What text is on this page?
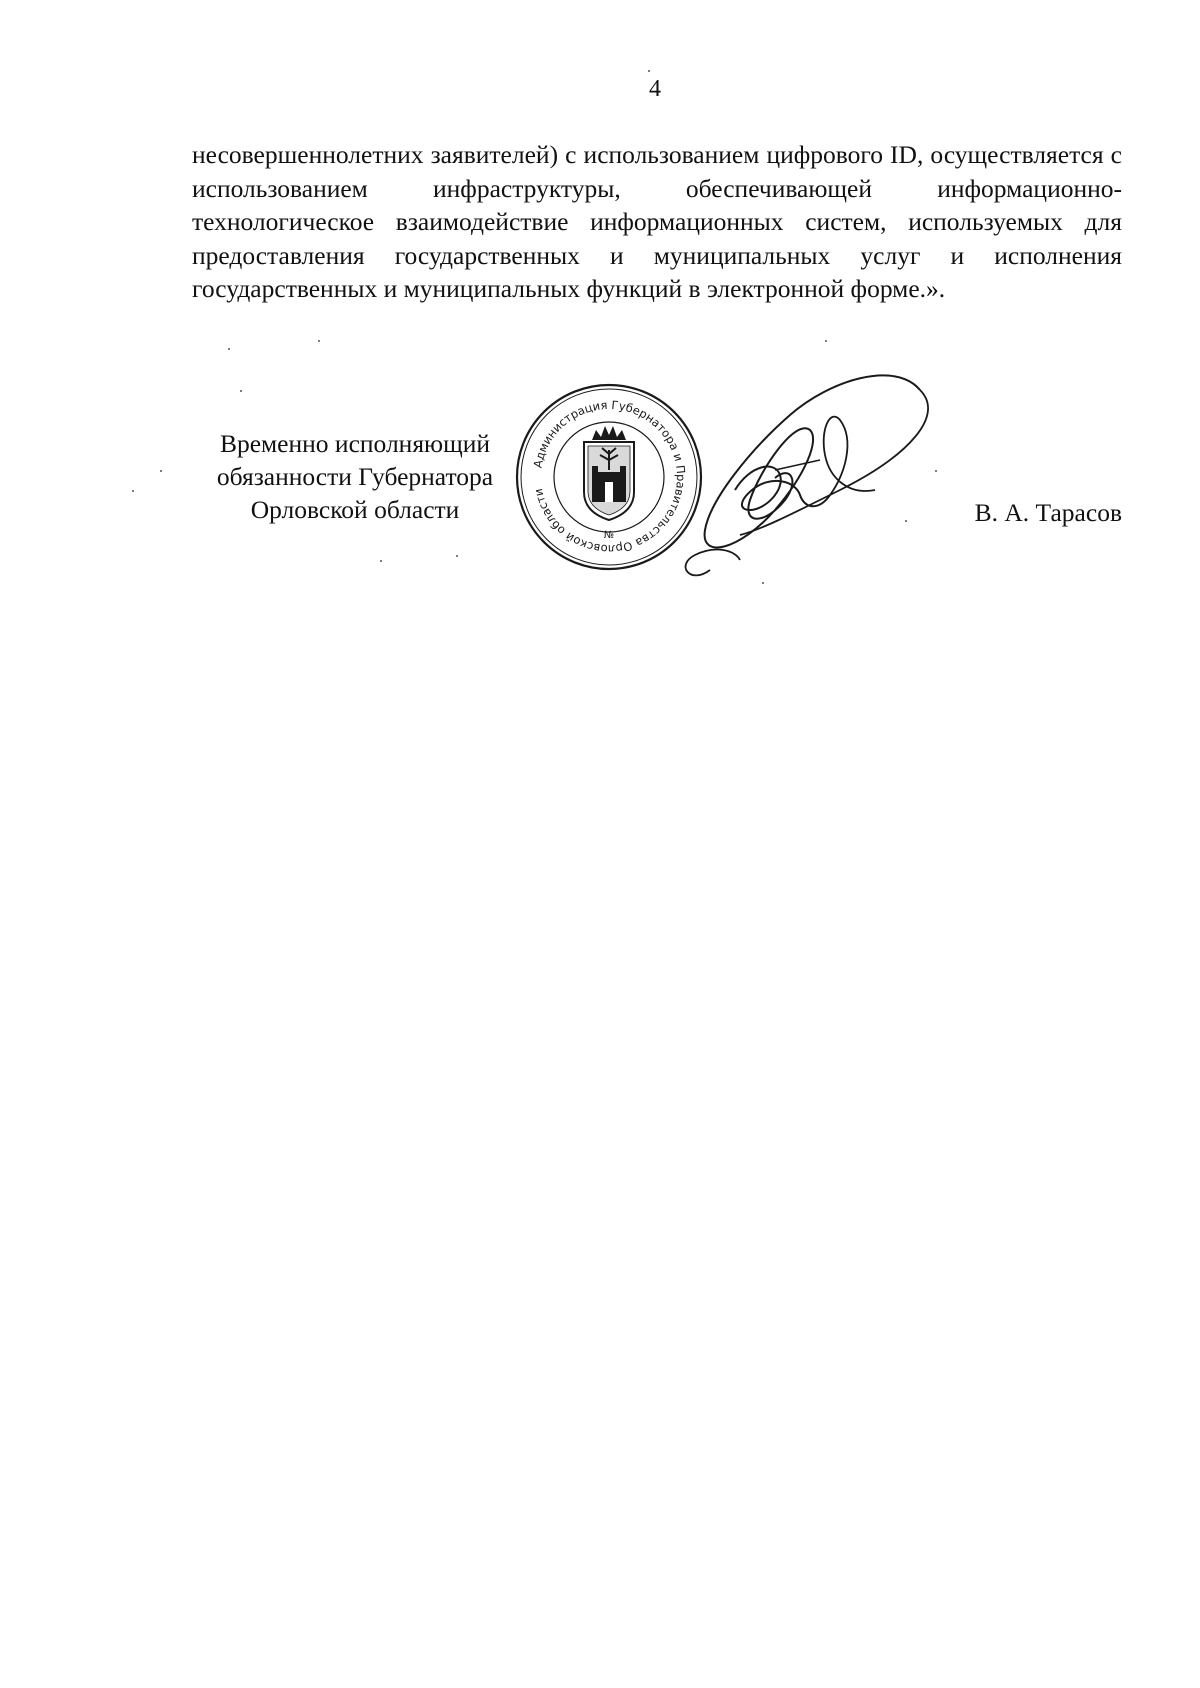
4

несовершеннолетних заявителей) с использованием цифрового ID, осуществляется с использованием инфраструктуры, обеспечивающей информационно-технологическое взаимодействие информационных систем, используемых для предоставления государственных и муниципальных услуг и исполнения государственных и муниципальных функций в электронной форме.».

Временно исполняющий
обязанности Губернатора
Орловской области
Администрация Губернатора и Правительства Орловской области
№
В. А. Тарасов
